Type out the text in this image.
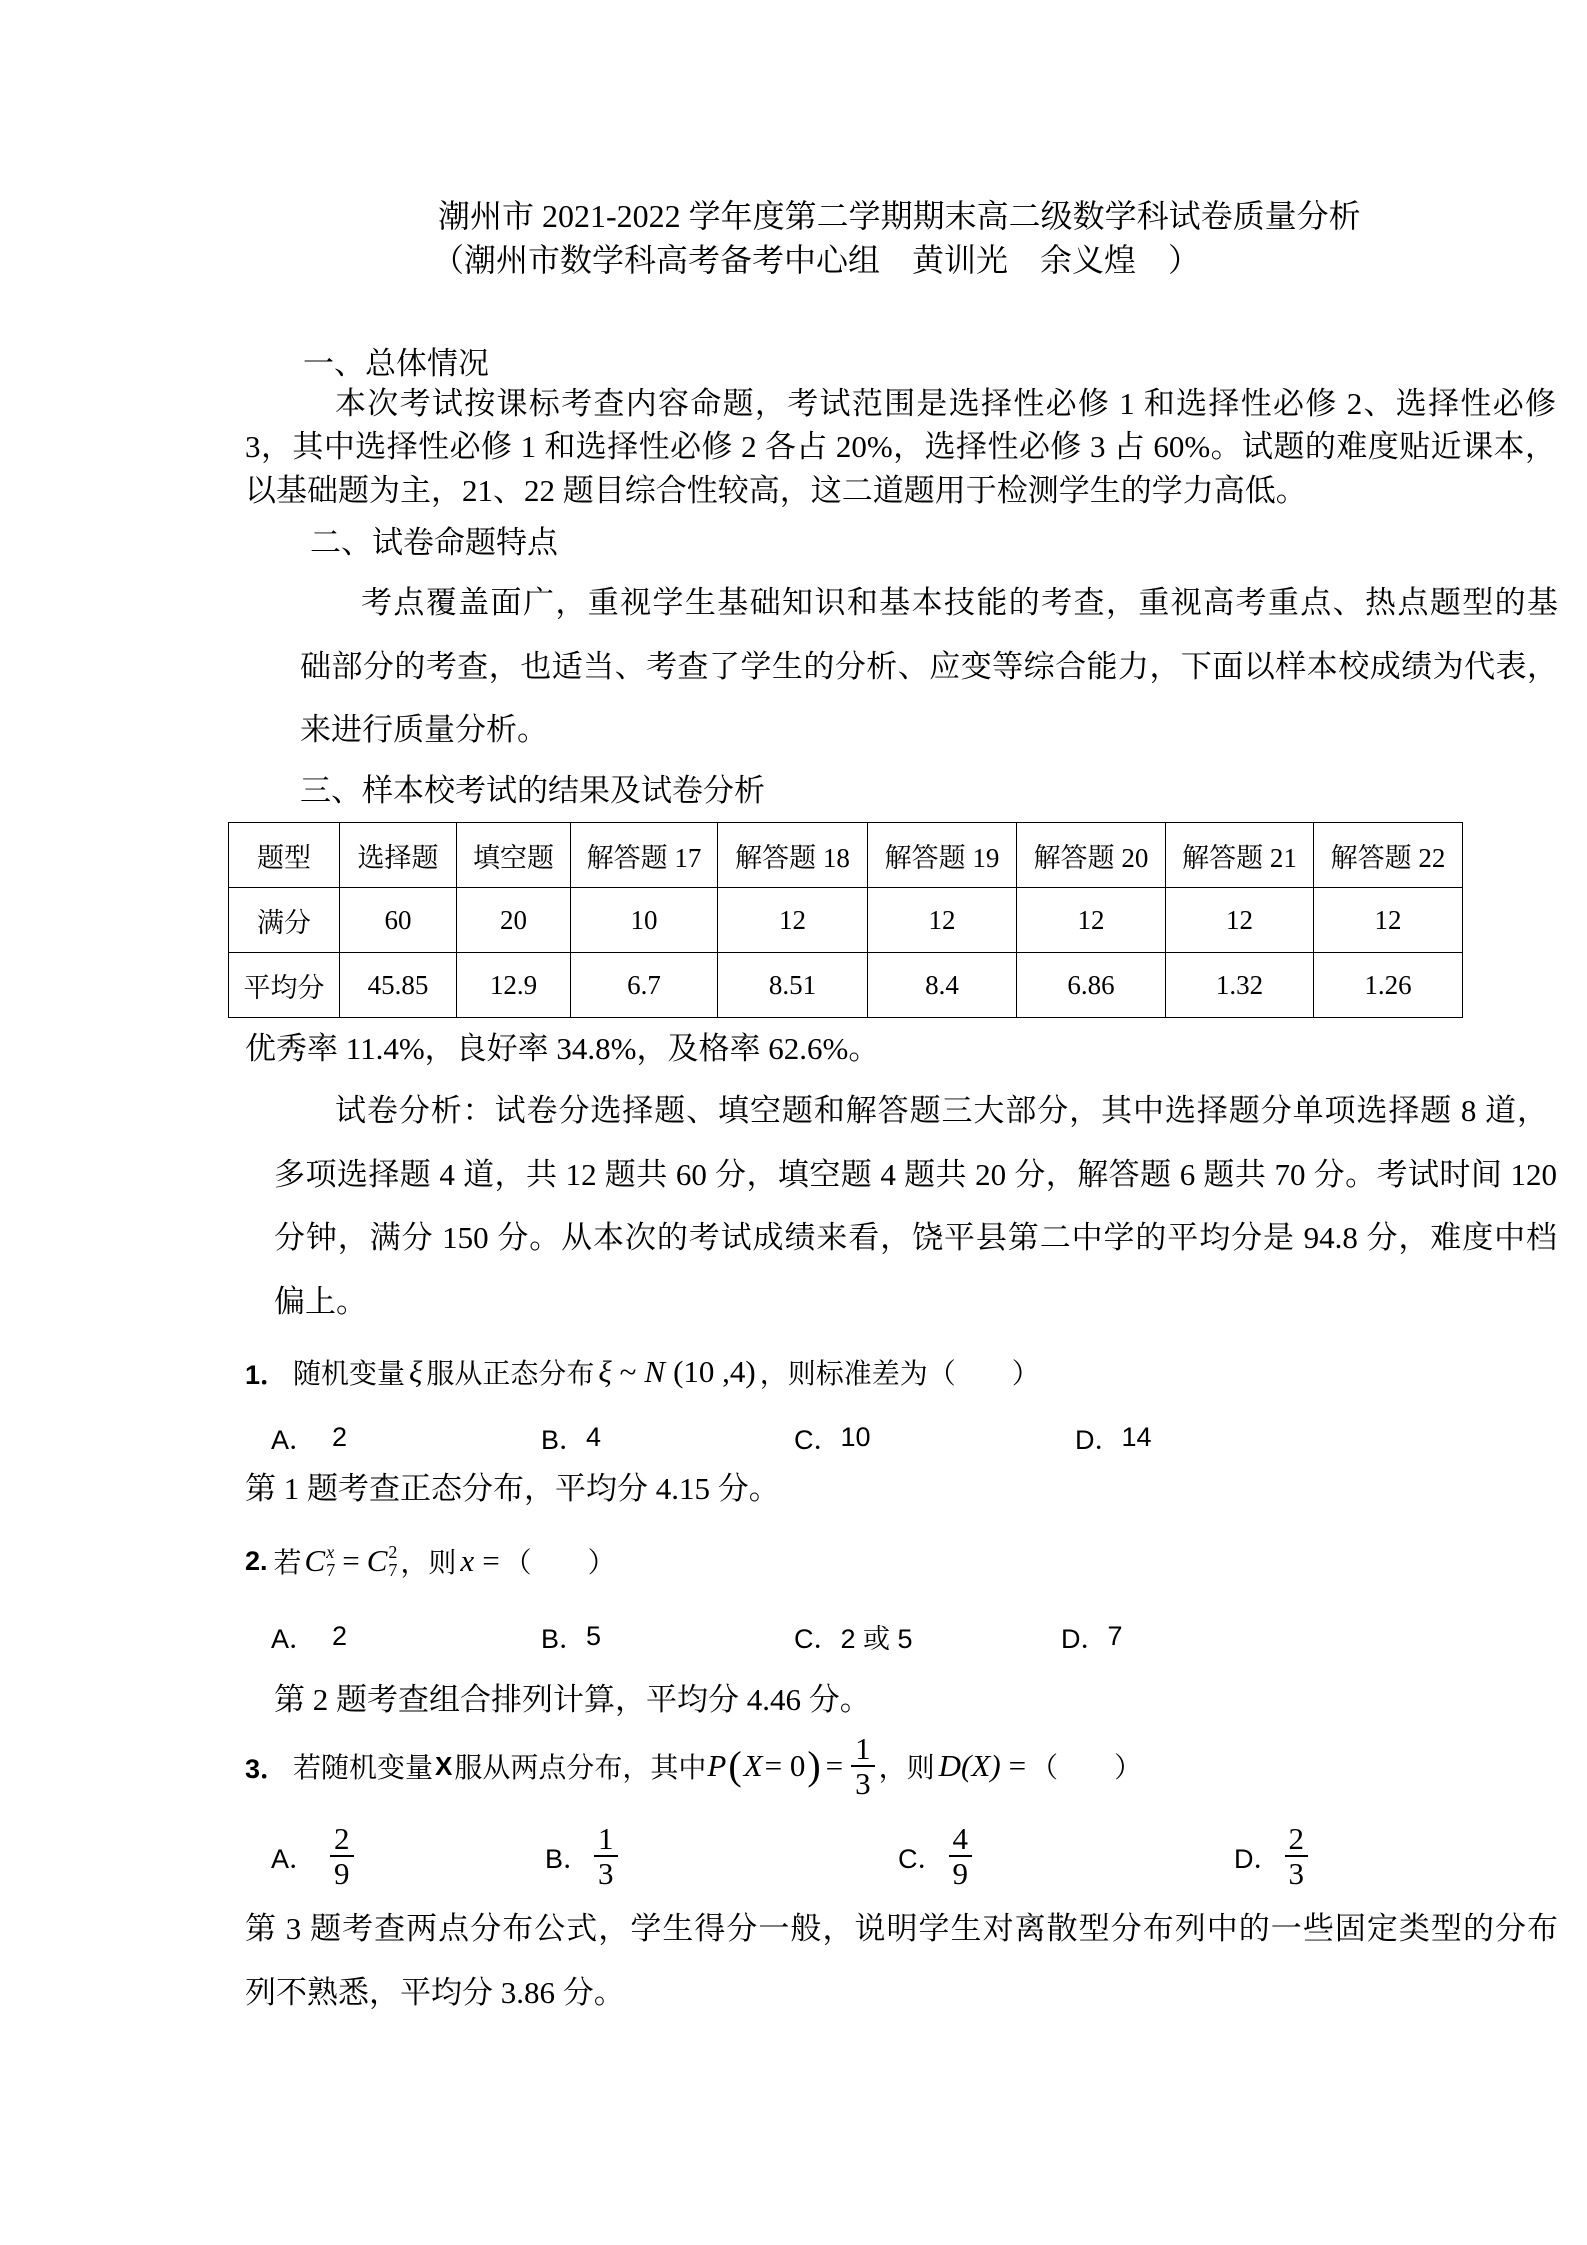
潮州市 2021-2022 学年度第二学期期末高二级数学科试卷质量分析
（潮州市数学科高考备考中心组　黄训光　余义煌　）
一、总体情况
本次考试按课标考查内容命题，考试范围是选择性必修 1 和选择性必修 2、选择性必修
3，其中选择性必修 1 和选择性必修 2 各占 20%，选择性必修 3 占 60%。试题的难度贴近课本，
以基础题为主，21、22 题目综合性较高，这二道题用于检测学生的学力高低。
二、试卷命题特点
考点覆盖面广，重视学生基础知识和基本技能的考查，重视高考重点、热点题型的基
础部分的考查，也适当、考查了学生的分析、应变等综合能力，下面以样本校成绩为代表，
来进行质量分析。
三、样本校考试的结果及试卷分析
题型	选择题	填空题	解答题 17	解答题 18	解答题 19	解答题 20	解答题 21	解答题 22
满分	60	20	10	12	12	12	12	12
平均分	45.85	12.9	6.7	8.51	8.4	6.86	1.32	1.26
优秀率 11.4%，良好率 34.8%，及格率 62.6%。
试卷分析：试卷分选择题、填空题和解答题三大部分，其中选择题分单项选择题 8 道，
多项选择题 4 道，共 12 题共 60 分，填空题 4 题共 20 分，解答题 6 题共 70 分。考试时间 120
分钟，满分 150 分。从本次的考试成绩来看，饶平县第二中学的平均分是 94.8 分，难度中档
偏上。
1． 随机变量 ξ 服从正态分布 ξ ~ N (10 ,4) ，则标准差为（　　）
A． 2	B． 4	C． 10	D． 14
第 1 题考查正态分布，平均分 4.15 分。
2. 若 C x
7 = C 2
7 ，则 x = （　　）
A． 2	B． 5	C． 2 或 5	D． 7
第 2 题考查组合排列计算，平均分 4.46 分。
3． 若随机变量 X 服从两点分布，其中 P ( X = 0 ) = $\frac{1}{3}$ ，则 D(X) = （　　）
A． $\frac{2}{9}$	B． $\frac{1}{3}$	C． $\frac{4}{9}$	D． $\frac{2}{3}$
第 3 题考查两点分布公式，学生得分一般，说明学生对离散型分布列中的一些固定类型的分布
列不熟悉，平均分 3.86 分。
